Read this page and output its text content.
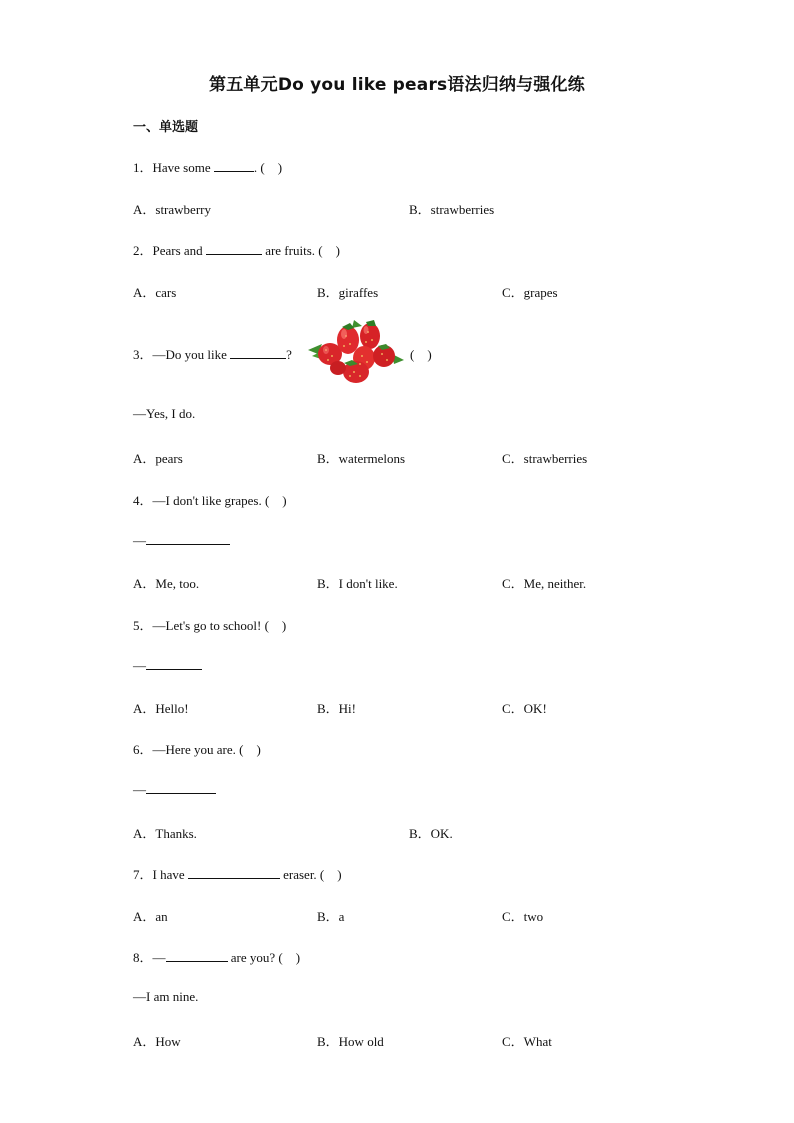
第五单元Do you like pears语法归纳与强化练
一、单选题
1．Have some	. (　)
A．strawberry	B．strawberries
2．Pears and	are fruits. (　)
A．cars	B．giraffes	C．grapes
3．—Do you like	?	(　)
—Yes, I do.
A．pears	B．watermelons	C．strawberries
4．—I don't like grapes. (　)
—
A．Me, too.	B．I don't like.	C．Me, neither.
5．—Let's go to school! (　)
—
A．Hello!	B．Hi!	C．OK!
6．—Here you are. (　)
—
A．Thanks.	B．OK.
7．I have	eraser. (　)
A．an	B．a	C．two
8．—	are you? (　)
—I am nine.
A．How	B．How old	C．What
